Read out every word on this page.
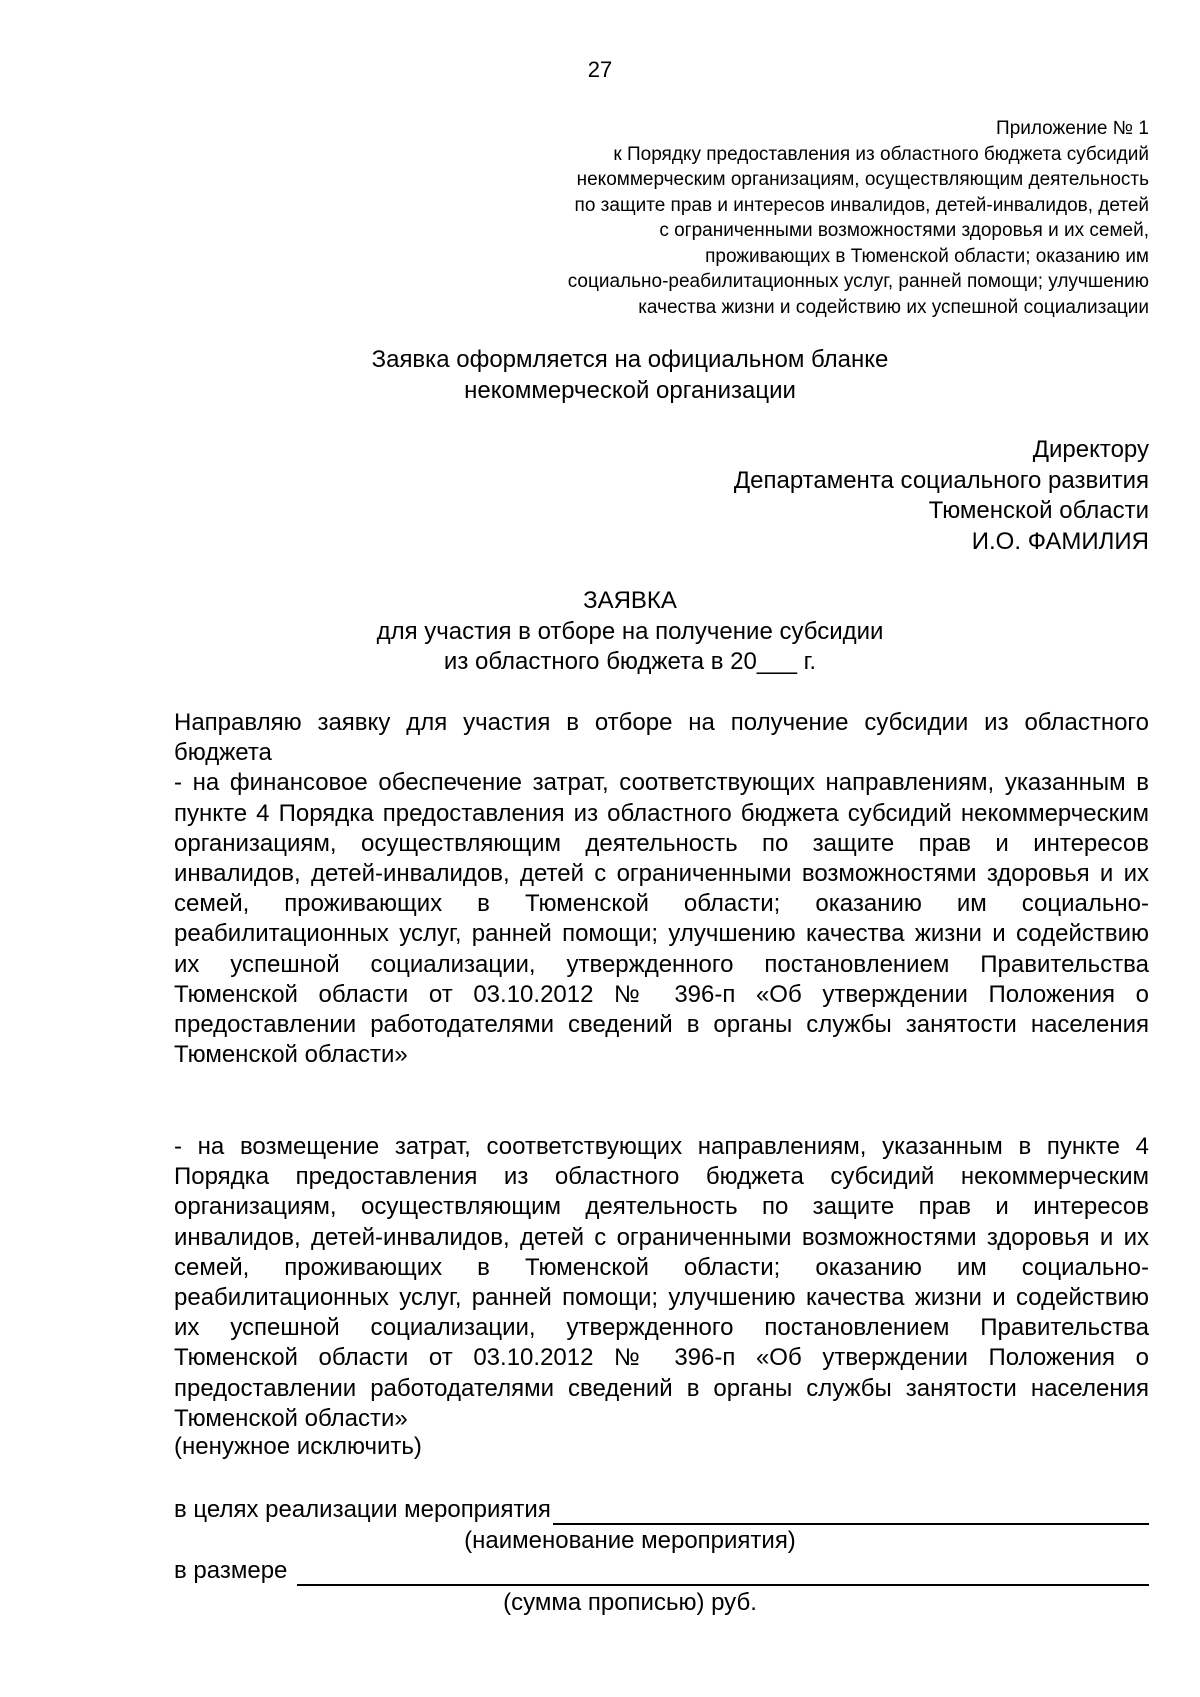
27
Приложение № 1
к Порядку предоставления из областного бюджета субсидий
некоммерческим организациям, осуществляющим деятельность
по защите прав и интересов инвалидов, детей-инвалидов, детей
с ограниченными возможностями здоровья и их семей,
проживающих в Тюменской области; оказанию им
социально-реабилитационных услуг, ранней помощи; улучшению
качества жизни и содействию их успешной социализации
Заявка оформляется на официальном бланке
некоммерческой организации
Директору
Департамента социального развития
Тюменской области
И.О. ФАМИЛИЯ
ЗАЯВКА
для участия в отборе на получение субсидии
из областного бюджета в 20___ г.

Направляю заявку для участия в отборе на получение субсидии из областного бюджета

- на финансовое обеспечение затрат, соответствующих направлениям, указанным в пункте 4 Порядка предоставления из областного бюджета субсидий некоммерческим организациям, осуществляющим деятельность по защите прав и интересов инвалидов, детей-инвалидов, детей с ограниченными возможностями здоровья и их семей, проживающих в Тюменской области; оказанию им социально-реабилитационных услуг, ранней помощи; улучшению качества жизни и содействию их успешной социализации, утвержденного постановлением Правительства Тюменской области от 03.10.2012 № 396-п «Об утверждении Положения о предоставлении работодателями сведений в органы службы занятости населения Тюменской области»

- на возмещение затрат, соответствующих направлениям, указанным в пункте 4 Порядка предоставления из областного бюджета субсидий некоммерческим организациям, осуществляющим деятельность по защите прав и интересов инвалидов, детей-инвалидов, детей с ограниченными возможностями здоровья и их семей, проживающих в Тюменской области; оказанию им социально-реабилитационных услуг, ранней помощи; улучшению качества жизни и содействию их успешной социализации, утвержденного постановлением Правительства Тюменской области от 03.10.2012 № 396-п «Об утверждении Положения о предоставлении работодателями сведений в органы службы занятости населения Тюменской области»

(ненужное исключить)
в целях реализации мероприятия
(наименование мероприятия)
в размере
(сумма прописью) руб.
